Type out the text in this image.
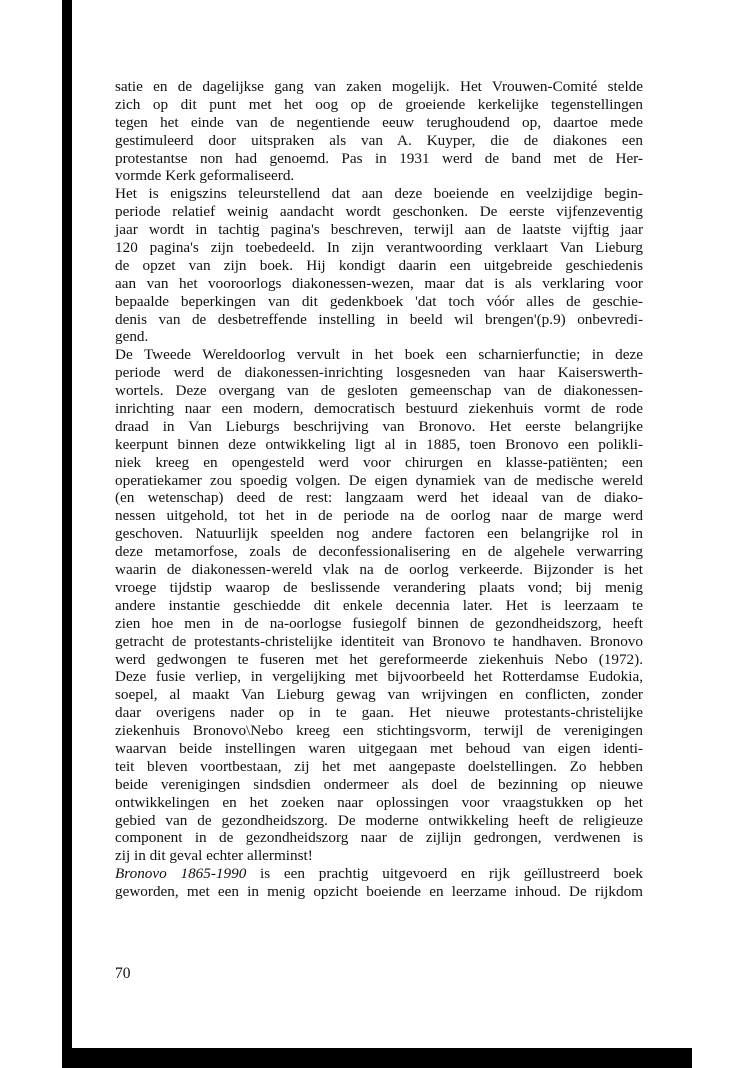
satie en de dagelijkse gang van zaken mogelijk. Het Vrouwen-Comité stelde
zich op dit punt met het oog op de groeiende kerkelijke tegenstellingen
tegen het einde van de negentiende eeuw terughoudend op, daartoe mede
gestimuleerd door uitspraken als van A. Kuyper, die de diakones een
protestantse non had genoemd. Pas in 1931 werd de band met de Her-
vormde Kerk geformaliseerd.
Het is enigszins teleurstellend dat aan deze boeiende en veelzijdige begin-
periode relatief weinig aandacht wordt geschonken. De eerste vijfenzeventig
jaar wordt in tachtig pagina's beschreven, terwijl aan de laatste vijftig jaar
120 pagina's zijn toebedeeld. In zijn verantwoording verklaart Van Lieburg
de opzet van zijn boek. Hij kondigt daarin een uitgebreide geschiedenis
aan van het vooroorlogs diakonessen-wezen, maar dat is als verklaring voor
bepaalde beperkingen van dit gedenkboek 'dat toch vóór alles de geschie-
denis van de desbetreffende instelling in beeld wil brengen'(p.9) onbevredi-
gend.
De Tweede Wereldoorlog vervult in het boek een scharnierfunctie; in deze
periode werd de diakonessen-inrichting losgesneden van haar Kaiserswerth-
wortels. Deze overgang van de gesloten gemeenschap van de diakonessen-
inrichting naar een modern, democratisch bestuurd ziekenhuis vormt de rode
draad in Van Lieburgs beschrijving van Bronovo. Het eerste belangrijke
keerpunt binnen deze ontwikkeling ligt al in 1885, toen Bronovo een polikli-
niek kreeg en opengesteld werd voor chirurgen en klasse-patiënten; een
operatiekamer zou spoedig volgen. De eigen dynamiek van de medische wereld
(en wetenschap) deed de rest: langzaam werd het ideaal van de diako-
nessen uitgehold, tot het in de periode na de oorlog naar de marge werd
geschoven. Natuurlijk speelden nog andere factoren een belangrijke rol in
deze metamorfose, zoals de deconfessionalisering en de algehele verwarring
waarin de diakonessen-wereld vlak na de oorlog verkeerde. Bijzonder is het
vroege tijdstip waarop de beslissende verandering plaats vond; bij menig
andere instantie geschiedde dit enkele decennia later. Het is leerzaam te
zien hoe men in de na-oorlogse fusiegolf binnen de gezondheidszorg, heeft
getracht de protestants-christelijke identiteit van Bronovo te handhaven. Bronovo
werd gedwongen te fuseren met het gereformeerde ziekenhuis Nebo (1972).
Deze fusie verliep, in vergelijking met bijvoorbeeld het Rotterdamse Eudokia,
soepel, al maakt Van Lieburg gewag van wrijvingen en conflicten, zonder
daar overigens nader op in te gaan. Het nieuwe protestants-christelijke
ziekenhuis Bronovo\Nebo kreeg een stichtingsvorm, terwijl de verenigingen
waarvan beide instellingen waren uitgegaan met behoud van eigen identi-
teit bleven voortbestaan, zij het met aangepaste doelstellingen. Zo hebben
beide verenigingen sindsdien ondermeer als doel de bezinning op nieuwe
ontwikkelingen en het zoeken naar oplossingen voor vraagstukken op het
gebied van de gezondheidszorg. De moderne ontwikkeling heeft de religieuze
component in de gezondheidszorg naar de zijlijn gedrongen, verdwenen is
zij in dit geval echter allerminst!
Bronovo 1865-1990 is een prachtig uitgevoerd en rijk geïllustreerd boek
geworden, met een in menig opzicht boeiende en leerzame inhoud. De rijkdom
70
